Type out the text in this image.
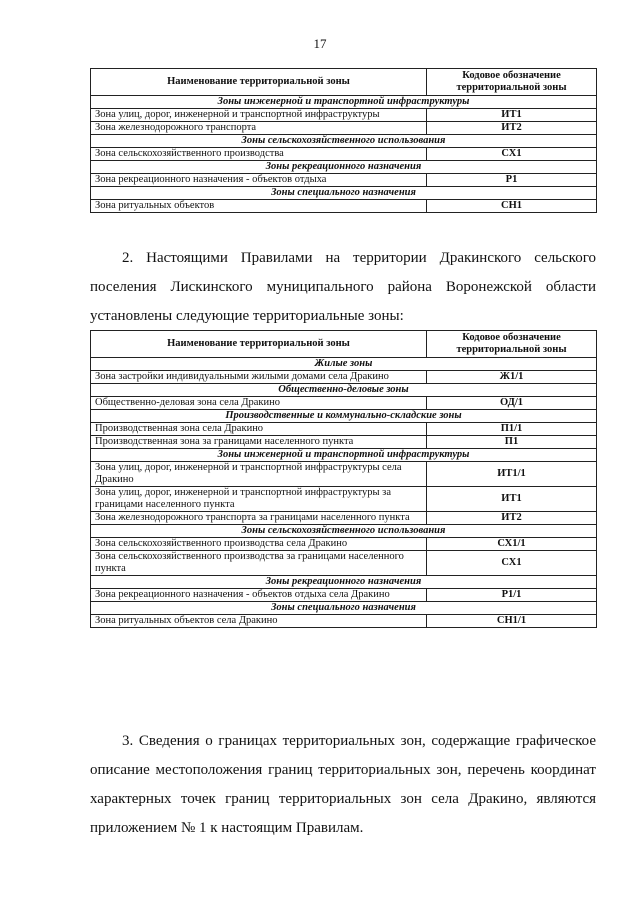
17
Наименование территориальной зоны	Кодовое обозначение территориальной зоны
Зоны инженерной и транспортной инфраструктуры	
Зона улиц, дорог, инженерной и транспортной инфраструктуры	ИТ1
Зона железнодорожного транспорта	ИТ2
Зоны сельскохозяйственного использования	
Зона сельскохозяйственного производства	СХ1
Зоны рекреационного назначения	
Зона рекреационного назначения - объектов отдыха	Р1
Зоны специального назначения	
Зона ритуальных объектов	СН1

2. Настоящими Правилами на территории Дракинского сельского поселения Лискинского муниципального района Воронежской области установлены следующие территориальные зоны:

Наименование территориальной зоны	Кодовое обозначение территориальной зоны
Жилые зоны	
Зона застройки индивидуальными жилыми домами села Дракино	Ж1/1
Общественно-деловые зоны	
Общественно-деловая зона села Дракино	ОД/1
Производственные и коммунально-складские зоны	
Производственная зона села Дракино	П1/1
Производственная зона за границами населенного пункта	П1
Зоны инженерной и транспортной инфраструктуры	
Зона улиц, дорог, инженерной и транспортной инфраструктуры села Дракино	ИТ1/1
Зона улиц, дорог, инженерной и транспортной инфраструктуры за границами населенного пункта	ИТ1
Зона железнодорожного транспорта за границами населенного пункта	ИТ2
Зоны сельскохозяйственного использования	
Зона сельскохозяйственного производства села Дракино	СХ1/1
Зона сельскохозяйственного производства за границами населенного пункта	СХ1
Зоны рекреационного назначения	
Зона рекреационного назначения - объектов отдыха села Дракино	Р1/1
Зоны специального назначения	
Зона ритуальных объектов села Дракино	СН1/1

3. Сведения о границах территориальных зон, содержащие графическое описание местоположения границ территориальных зон, перечень координат характерных точек границ территориальных зон села Дракино, являются приложением № 1 к настоящим Правилам.
